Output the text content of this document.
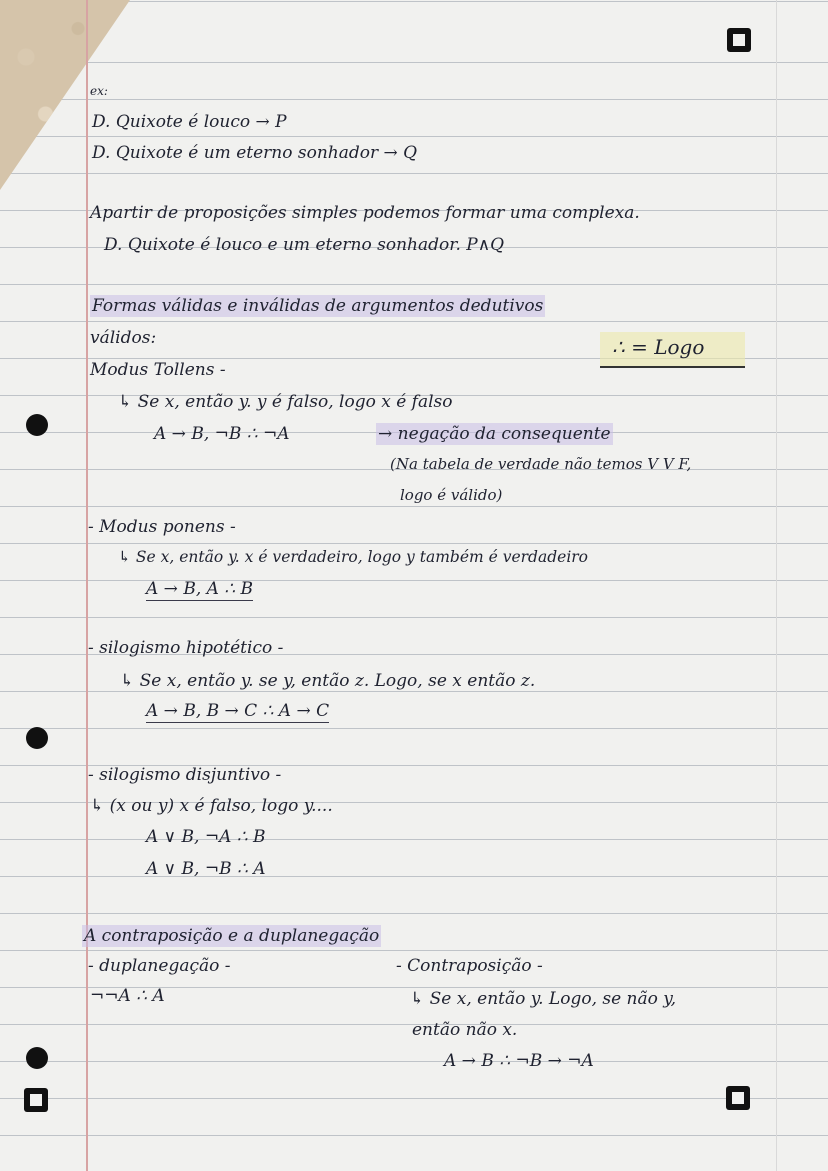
ex:
D. Quixote é louco → P
D. Quixote é um eterno sonhador → Q
Apartir de proposições simples podemos formar uma complexa.
D. Quixote é louco e um eterno sonhador. P∧Q
Formas válidas e inválidas de argumentos dedutivos
válidos:	∴ = Logo
Modus Tollens -
↳ Se x, então y. y é falso, logo x é falso
A → B, ¬B ∴ ¬A	→ negação da consequente
(Na tabela de verdade não temos V V F,
logo é válido)
- Modus ponens -
↳ Se x, então y. x é verdadeiro, logo y também é verdadeiro
A → B, A ∴ B
- silogismo hipotético -
↳ Se x, então y. se y, então z. Logo, se x então z.
A → B, B → C ∴ A → C
- silogismo disjuntivo -
↳ (x ou y) x é falso, logo y....
A ∨ B, ¬A ∴ B
A ∨ B, ¬B ∴ A
A contraposição e a duplanegação
- duplanegação -	- Contraposição -
¬¬A ∴ A	↳ Se x, então y. Logo, se não y,
então não x.
A → B ∴ ¬B → ¬A
